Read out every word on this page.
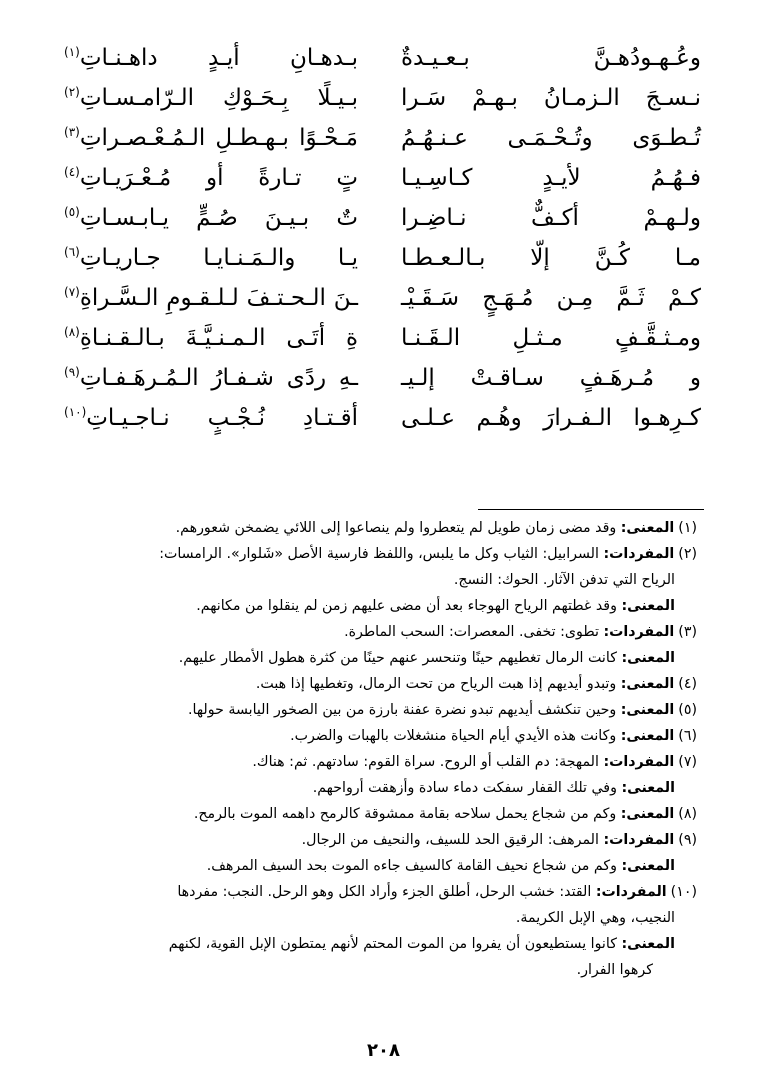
وعُـهـودُهـنَّ بـعـيـدةٌ
بـدهـانِ أيـدٍ داهـنـاتِ$^{(١)}$
نـسـجَ الـزمـانُ بـهـمْ سَـرا
بـيـلًا بِـحَـوْكِ الـرّامـسـاتِ$^{(٢)}$
تُـطـوَى وتُـحْـمَـى عـنـهُـمُ
مَـحْـوًا بـهـطـلِ الـمُـعْـصـراتِ$^{(٣)}$
فـهُـمُ لأيـدٍ كـاسِـيـا
تٍ تـارةً أو مُـعْـرَيـاتِ$^{(٤)}$
ولـهـمْ أكـفٌّ نـاضِـرا
تٌ بـيـنَ صُـمٍّ يـابـسـاتِ$^{(٥)}$
مـا كُـنَّ إلّا بـالـعـطـا
يـا والـمَـنـايـا جـاريـاتِ$^{(٦)}$
كـمْ ثَـمَّ مِـن مُـهَـجٍ سَـقَـيْـ
ـنَ الـحـتـفَ لـلـقـومِ الـسَّـراةِ$^{(٧)}$
ومـثـقَّـفٍ مـثـلِ الـقَـنـا
ةِ أتَـى الـمـنـيَّـةَ بـالـقـنـاةِ$^{(٨)}$
و مُـرهَـفٍ سـاقـتْ إلـيـ
ـهِ ردًى شـفـارُ الـمُـرهَـفـاتِ$^{(٩)}$
كـرِهـوا الـفـرارَ وهُـم عـلـى
أقـتـادِ نُـجْـبٍ نـاجـيـاتِ$^{(١٠)}$

(١)المعنى: وقد مضى زمان طويل لم يتعطروا ولم ينصاعوا إلى اللائي يضمخن شعورهم.

(٢)المفردات: السرابيل: الثياب وكل ما يلبس، واللفظ فارسية الأصل «شَلوار». الرامسات:
الرياح التي تدفن الآثار. الحوك: النسج.

المعنى: وقد غطتهم الرياح الهوجاء بعد أن مضى عليهم زمن لم ينقلوا من مكانهم.

(٣)المفردات: تطوى: تخفى. المعصرات: السحب الماطرة.

المعنى: كانت الرمال تغطيهم حينًا وتنحسر عنهم حينًا من كثرة هطول الأمطار عليهم.

(٤)المعنى: وتبدو أيديهم إذا هبت الرياح من تحت الرمال، وتغطيها إذا هبت.

(٥)المعنى: وحين تنكشف أيديهم تبدو نضرة عفنة بارزة من بين الصخور اليابسة حولها.

(٦)المعنى: وكانت هذه الأيدي أيام الحياة منشغلات بالهبات والضرب.

(٧)المفردات: المهجة: دم القلب أو الروح. سراة القوم: سادتهم. ثم: هناك.

المعنى: وفي تلك القفار سفكت دماء سادة وأزهقت أرواحهم.

(٨)المعنى: وكم من شجاع يحمل سلاحه بقامة ممشوقة كالرمح داهمه الموت بالرمح.

(٩)المفردات: المرهف: الرقيق الحد للسيف، والنحيف من الرجال.

المعنى: وكم من شجاع نحيف القامة كالسيف جاءه الموت بحد السيف المرهف.

(١٠)المفردات: القتد: خشب الرحل، أطلق الجزء وأراد الكل وهو الرحل. النجب: مفردها
النجيب، وهي الإبل الكريمة.

المعنى: كانوا يستطيعون أن يفروا من الموت المحتم لأنهم يمتطون الإبل القوية، لكنهم
كرهوا الفرار.

٢٠٨
